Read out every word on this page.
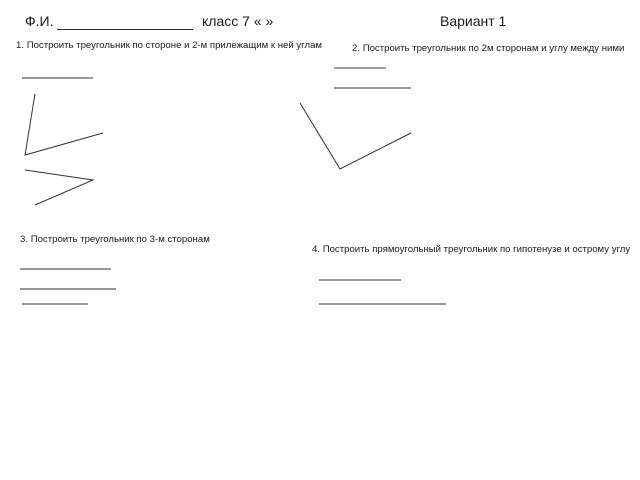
Ф.И.	класс 7 « »	Вариант 1
1. Построить треугольник по стороне и 2-м прилежащим к ней углам	2. Построить треугольник по 2м сторонам и углу между ними
3. Построить треугольник по 3-м сторонам
4. Построить прямоугольный треугольник по гипотенузе и острому углу
